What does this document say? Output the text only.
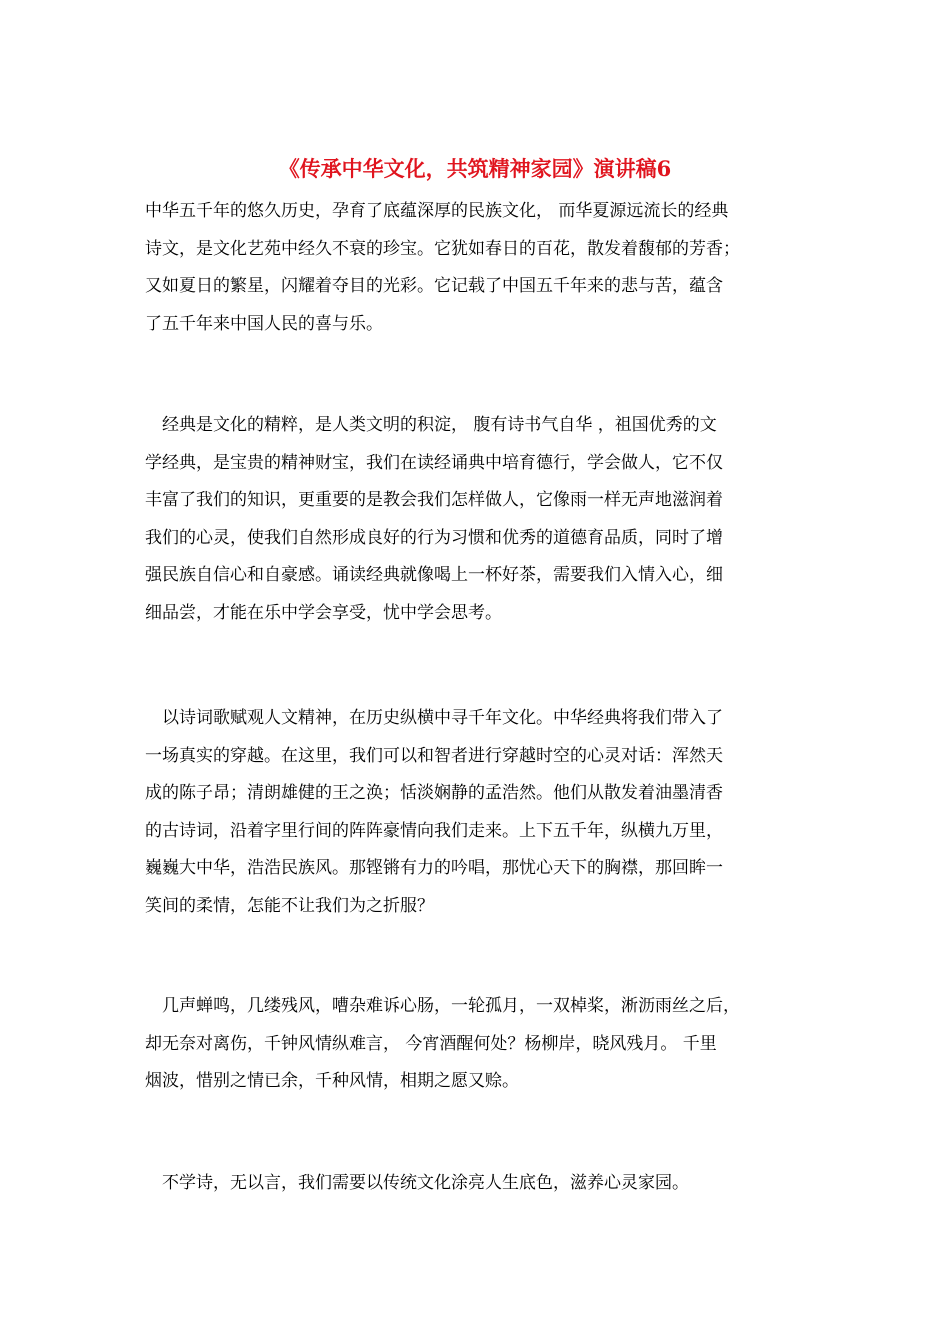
《传承中华文化，共筑精神家园》演讲稿6
中华五千年的悠久历史，孕育了底蕴深厚的民族文化， 而华夏源远流长的经典
诗文，是文化艺苑中经久不衰的珍宝。它犹如春日的百花，散发着馥郁的芳香；
又如夏日的繁星，闪耀着夺目的光彩。它记载了中国五千年来的悲与苦，蕴含
了五千年来中国人民的喜与乐。
　经典是文化的精粹，是人类文明的积淀， 腹有诗书气自华 ，祖国优秀的文
学经典，是宝贵的精神财宝，我们在读经诵典中培育德行，学会做人，它不仅
丰富了我们的知识，更重要的是教会我们怎样做人，它像雨一样无声地滋润着
我们的心灵，使我们自然形成良好的行为习惯和优秀的道德育品质，同时了增
强民族自信心和自豪感。诵读经典就像喝上一杯好茶，需要我们入情入心，细
细品尝，才能在乐中学会享受，忧中学会思考。
　以诗词歌赋观人文精神，在历史纵横中寻千年文化。中华经典将我们带入了
一场真实的穿越。在这里，我们可以和智者进行穿越时空的心灵对话：浑然天
成的陈子昂；清朗雄健的王之涣；恬淡娴静的孟浩然。他们从散发着油墨清香
的古诗词，沿着字里行间的阵阵豪情向我们走来。上下五千年，纵横九万里，
巍巍大中华，浩浩民族风。那铿锵有力的吟唱，那忧心天下的胸襟，那回眸一
笑间的柔情，怎能不让我们为之折服？
　几声蝉鸣，几缕残风，嘈杂难诉心肠，一轮孤月，一双棹桨，淅沥雨丝之后，
却无奈对离伤，千钟风情纵难言， 今宵酒醒何处？杨柳岸，晓风残月。 千里
烟波，惜别之情已余，千种风情，相期之愿又赊。
　不学诗，无以言，我们需要以传统文化涂亮人生底色，滋养心灵家园。
